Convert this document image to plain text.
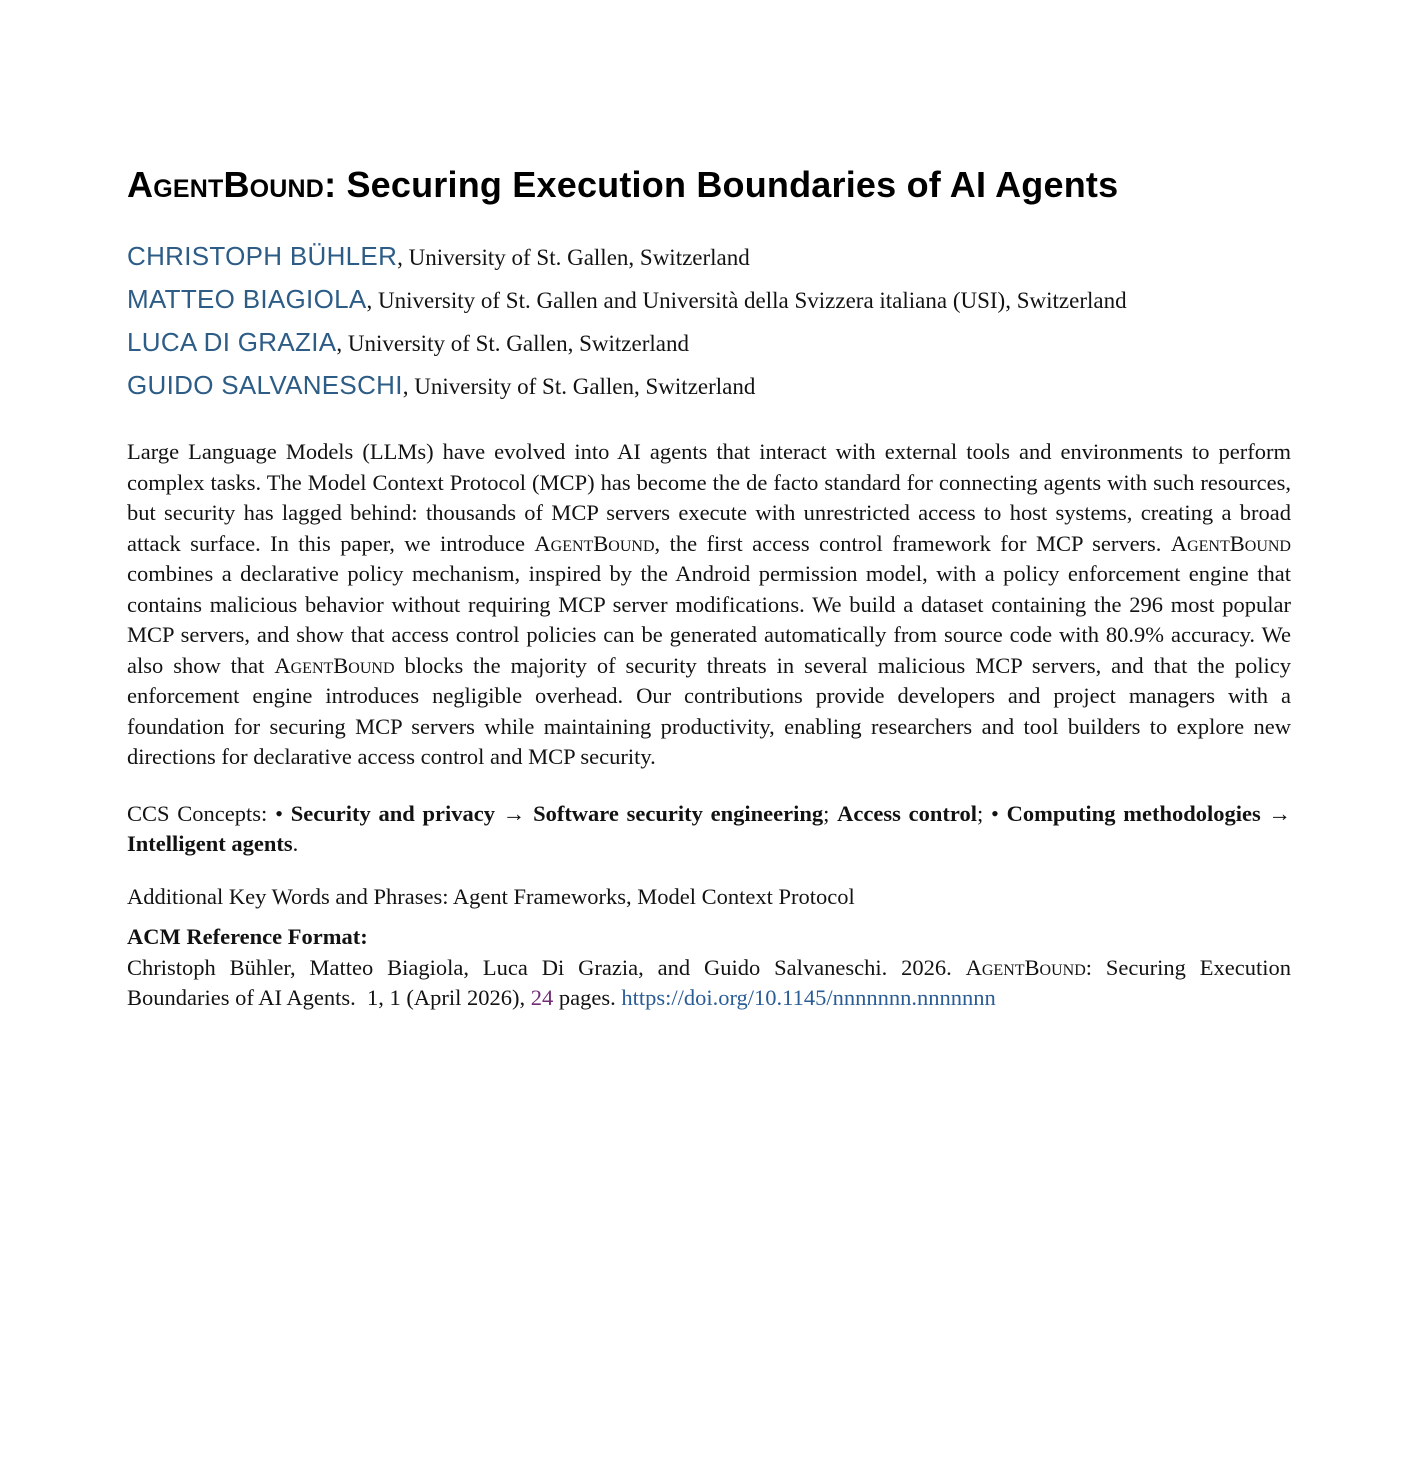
AgentBound: Securing Execution Boundaries of AI Agents
CHRISTOPH BÜHLER, University of St. Gallen, Switzerland
MATTEO BIAGIOLA, University of St. Gallen and Università della Svizzera italiana (USI), Switzerland
LUCA DI GRAZIA, University of St. Gallen, Switzerland
GUIDO SALVANESCHI, University of St. Gallen, Switzerland

Large Language Models (LLMs) have evolved into AI agents that interact with external tools and environments to perform complex tasks. The Model Context Protocol (MCP) has become the de facto standard for connecting agents with such resources, but security has lagged behind: thousands of MCP servers execute with unrestricted access to host systems, creating a broad attack surface. In this paper, we introduce AgentBound, the first access control framework for MCP servers. AgentBound combines a declarative policy mechanism, inspired by the Android permission model, with a policy enforcement engine that contains malicious behavior without requiring MCP server modifications. We build a dataset containing the 296 most popular MCP servers, and show that access control policies can be generated automatically from source code with 80.9% accuracy. We also show that AgentBound blocks the majority of security threats in several malicious MCP servers, and that the policy enforcement engine introduces negligible overhead. Our contributions provide developers and project managers with a foundation for securing MCP servers while maintaining productivity, enabling researchers and tool builders to explore new directions for declarative access control and MCP security.

CCS Concepts: • Security and privacy → Software security engineering; Access control; • Computing methodologies → Intelligent agents.

Additional Key Words and Phrases: Agent Frameworks, Model Context Protocol

ACM Reference Format:

Christoph Bühler, Matteo Biagiola, Luca Di Grazia, and Guido Salvaneschi. 2026. AgentBound: Securing Execution Boundaries of AI Agents.  1, 1 (April 2026), 24 pages. https://doi.org/10.1145/nnnnnnn.nnnnnnn
